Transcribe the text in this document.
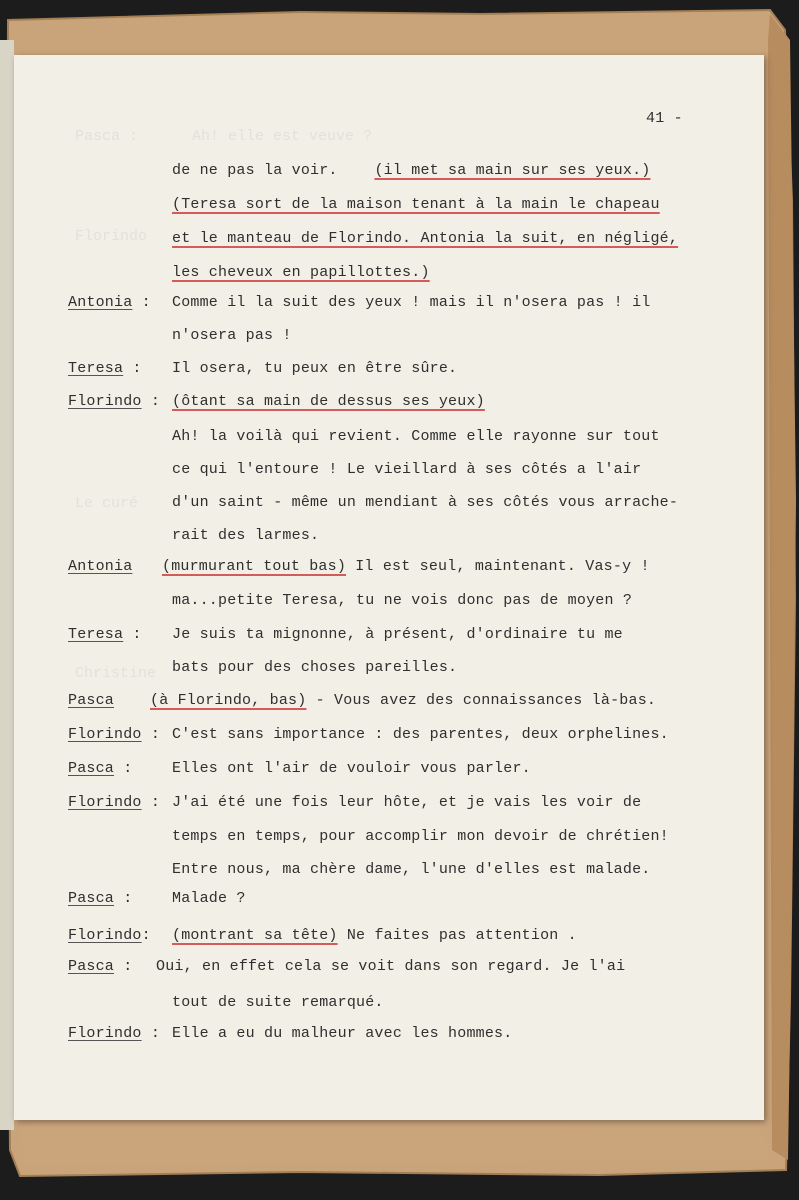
Pasca :      Ah! elle est veuve ?
Florindo
Le curé
Christine
de ne pas la voir.    (il met sa main sur ses yeux.)
(Teresa sort de la maison tenant à la main le chapeau
et le manteau de Florindo. Antonia la suit, en négligé,
les cheveux en papillottes.)
Antonia : Comme il la suit des yeux ! mais il n'osera pas ! il
n'osera pas !
Teresa : Il osera, tu peux en être sûre.
Florindo : (ôtant sa main de dessus ses yeux)
Ah! la voilà qui revient. Comme elle rayonne sur tout
ce qui l'entoure ! Le vieillard à ses côtés a l'air
d'un saint - même un mendiant à ses côtés vous arrache-
rait des larmes.
Antonia (murmurant tout bas) Il est seul, maintenant. Vas-y !
ma...petite Teresa, tu ne vois donc pas de moyen ?
Teresa : Je suis ta mignonne, à présent, d'ordinaire tu me
bats pour des choses pareilles.
Pasca (à Florindo, bas) - Vous avez des connaissances là-bas.
Florindo : C'est sans importance : des parentes, deux orphelines.
Pasca :	Elles ont l'air de vouloir vous parler.
Florindo : J'ai été une fois leur hôte, et je vais les voir de
temps en temps, pour accomplir mon devoir de chrétien!
Entre nous, ma chère dame, l'une d'elles est malade.
Pasca :	Malade ?
Florindo: (montrant sa tête) Ne faites pas attention .
Pasca : Oui, en effet cela se voit dans son regard. Je l'ai
tout de suite remarqué.
Florindo : Elle a eu du malheur avec les hommes.
41 -
